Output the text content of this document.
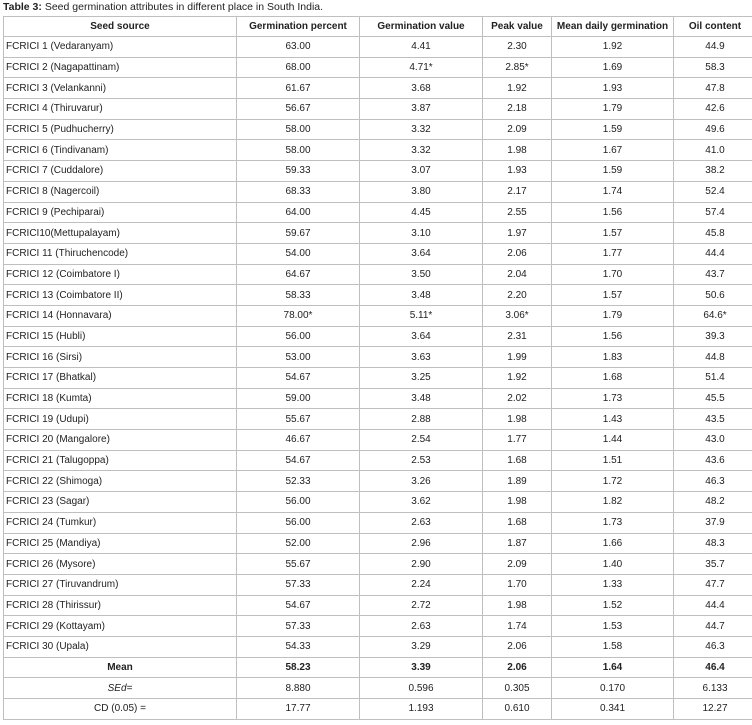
Table 3: Seed germination attributes in different place in South India.
Seed source	Germination percent	Germination value	Peak value	Mean daily germination	Oil content
FCRICI 1 (Vedaranyam)	63.00	4.41	2.30	1.92	44.9
FCRICI 2 (Nagapattinam)	68.00	4.71*	2.85*	1.69	58.3
FCRICI 3 (Velankanni)	61.67	3.68	1.92	1.93	47.8
FCRICI 4 (Thiruvarur)	56.67	3.87	2.18	1.79	42.6
FCRICI 5 (Pudhucherry)	58.00	3.32	2.09	1.59	49.6
FCRICI 6 (Tindivanam)	58.00	3.32	1.98	1.67	41.0
FCRICI 7 (Cuddalore)	59.33	3.07	1.93	1.59	38.2
FCRICI 8 (Nagercoil)	68.33	3.80	2.17	1.74	52.4
FCRICI 9 (Pechiparai)	64.00	4.45	2.55	1.56	57.4
FCRICI10(Mettupalayam)	59.67	3.10	1.97	1.57	45.8
FCRICI 11 (Thiruchencode)	54.00	3.64	2.06	1.77	44.4
FCRICI 12 (Coimbatore I)	64.67	3.50	2.04	1.70	43.7
FCRICI 13 (Coimbatore II)	58.33	3.48	2.20	1.57	50.6
FCRICI 14 (Honnavara)	78.00*	5.11*	3.06*	1.79	64.6*
FCRICI 15 (Hubli)	56.00	3.64	2.31	1.56	39.3
FCRICI 16 (Sirsi)	53.00	3.63	1.99	1.83	44.8
FCRICI 17 (Bhatkal)	54.67	3.25	1.92	1.68	51.4
FCRICI 18 (Kumta)	59.00	3.48	2.02	1.73	45.5
FCRICI 19 (Udupi)	55.67	2.88	1.98	1.43	43.5
FCRICI 20 (Mangalore)	46.67	2.54	1.77	1.44	43.0
FCRICI 21 (Talugoppa)	54.67	2.53	1.68	1.51	43.6
FCRICI 22 (Shimoga)	52.33	3.26	1.89	1.72	46.3
FCRICI 23 (Sagar)	56.00	3.62	1.98	1.82	48.2
FCRICI 24 (Tumkur)	56.00	2.63	1.68	1.73	37.9
FCRICI 25 (Mandiya)	52.00	2.96	1.87	1.66	48.3
FCRICI 26 (Mysore)	55.67	2.90	2.09	1.40	35.7
FCRICI 27 (Tiruvandrum)	57.33	2.24	1.70	1.33	47.7
FCRICI 28 (Thirissur)	54.67	2.72	1.98	1.52	44.4
FCRICI 29 (Kottayam)	57.33	2.63	1.74	1.53	44.7
FCRICI 30 (Upala)	54.33	3.29	2.06	1.58	46.3
Mean	58.23	3.39	2.06	1.64	46.4
SEd=	8.880	0.596	0.305	0.170	6.133
CD (0.05) =	17.77	1.193	0.610	0.341	12.27
